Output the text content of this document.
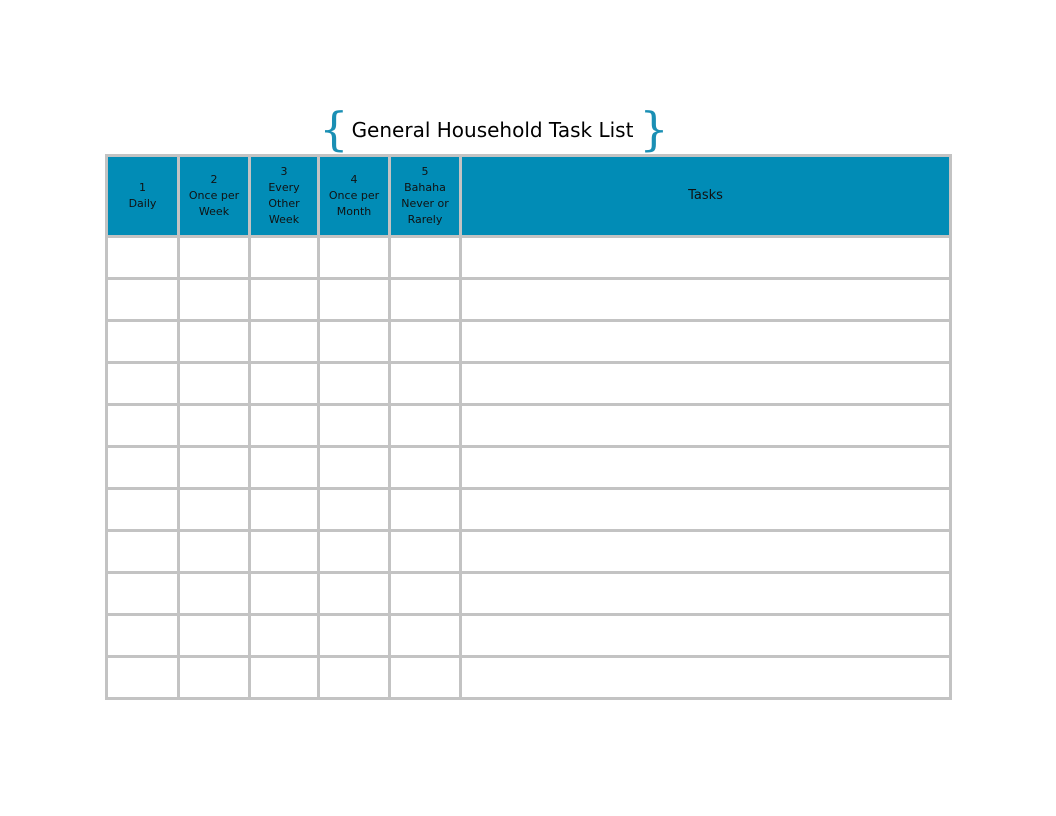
{ General Household Task List }
1
Daily	2
Once per
Week	3
Every
Other
Week	4
Once per
Month	5
Bahaha
Never or
Rarely	Tasks
